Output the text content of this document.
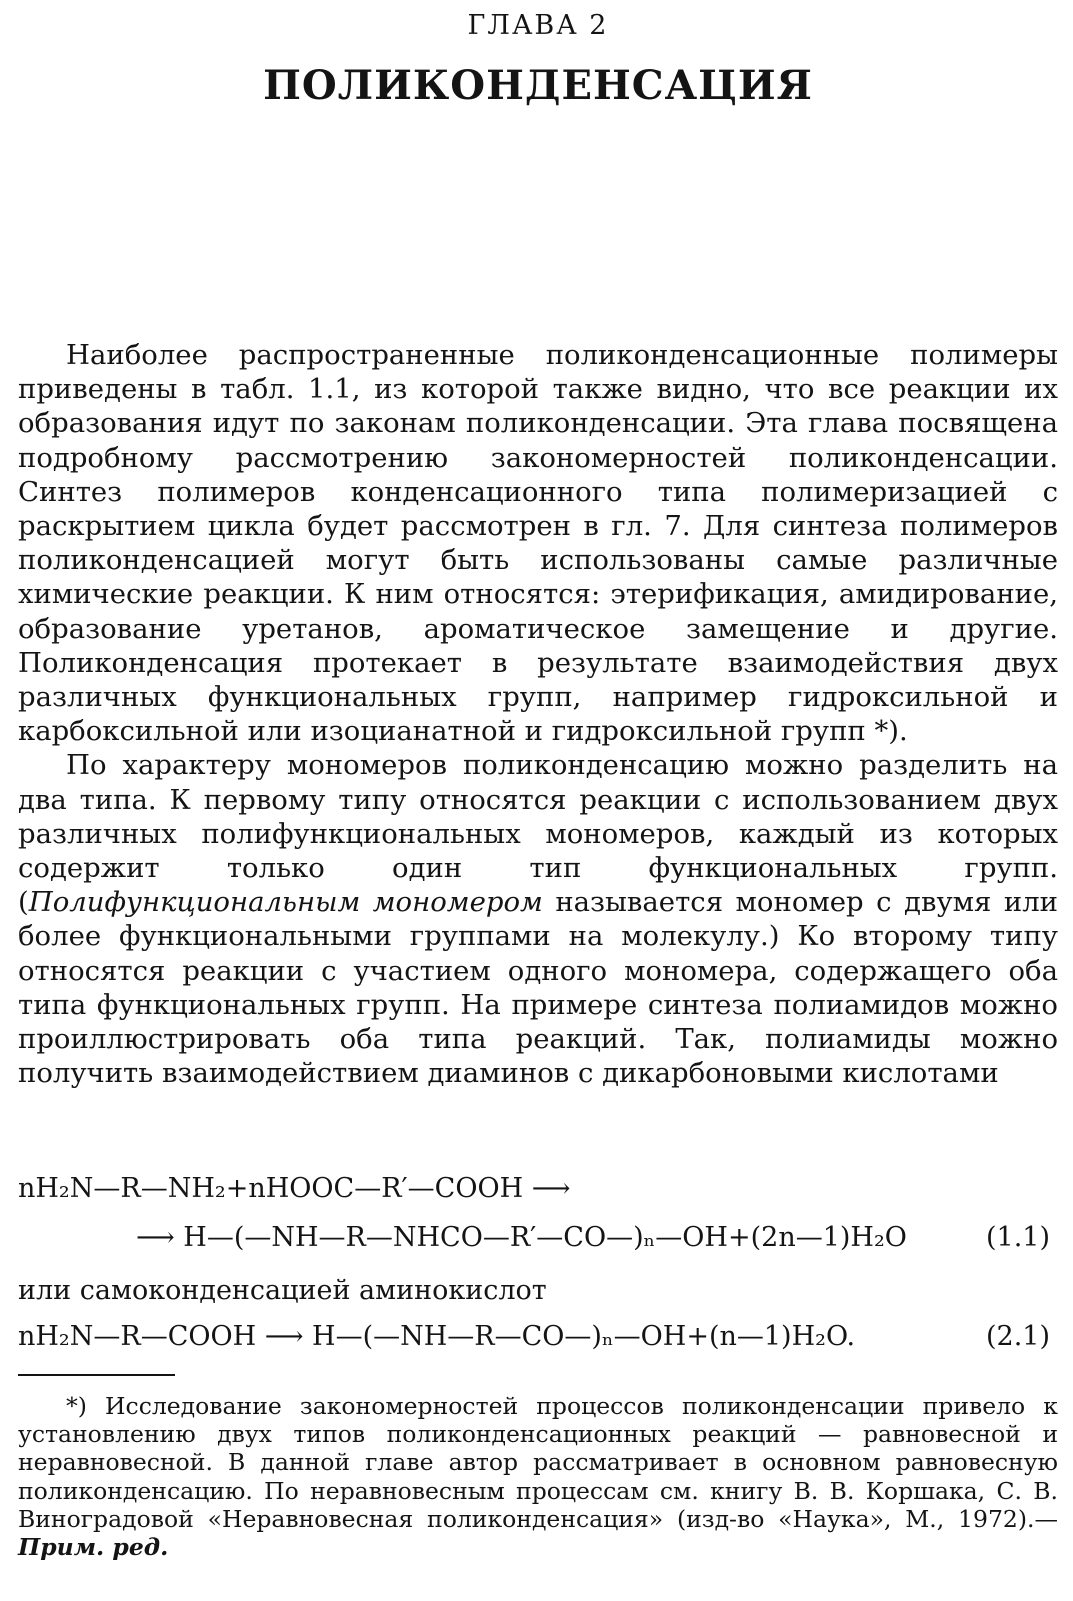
ГЛАВА 2
ПОЛИКОНДЕНСАЦИЯ

Наиболее распространенные поликонденсационные полимеры приведены в табл. 1.1, из которой также видно, что все реакции их образования идут по законам поликонденсации. Эта глава посвящена подробному рассмотрению закономерностей поликонденсации. Синтез полимеров конденсационного типа полимеризацией с раскрытием цикла будет рассмотрен в гл. 7. Для синтеза полимеров поликонденсацией могут быть использованы самые различные химические реакции. К ним относятся: этерификация, амидирование, образование уретанов, ароматическое замещение и другие. Поликонденсация протекает в результате взаимодействия двух различных функциональных групп, например гидроксильной и карбоксильной или изоцианатной и гидроксильной групп *).

По характеру мономеров поликонденсацию можно разделить на два типа. К первому типу относятся реакции с использованием двух различных полифункциональных мономеров, каждый из которых содержит только один тип функциональных групп. (Полифункциональным мономером называется мономер с двумя или более функциональными группами на молекулу.) Ко второму типу относятся реакции с участием одного мономера, содержащего оба типа функциональных групп. На примере синтеза полиамидов можно проиллюстрировать оба типа реакций. Так, полиамиды можно получить взаимодействием диаминов с дикарбоновыми кислотами

nH₂N—R—NH₂+nHOOC—R′—COOH ⟶
⟶ H—(—NH—R—NHCO—R′—CO—)ₙ—OH+(2n—1)H₂O	(1.1)
или самоконденсацией аминокислот
nH₂N—R—COOH ⟶ H—(—NH—R—CO—)ₙ—OH+(n—1)H₂O.	(2.1)

*) Исследование закономерностей процессов поликонденсации привело к установлению двух типов поликонденсационных реакций — равновесной и неравновесной. В данной главе автор рассматривает в основном равновесную поликонденсацию. По неравновесным процессам см. книгу В. В. Коршака, С. В. Виноградовой «Неравновесная поликонденсация» (изд-во «Наука», М., 1972).— Прим. ред.
